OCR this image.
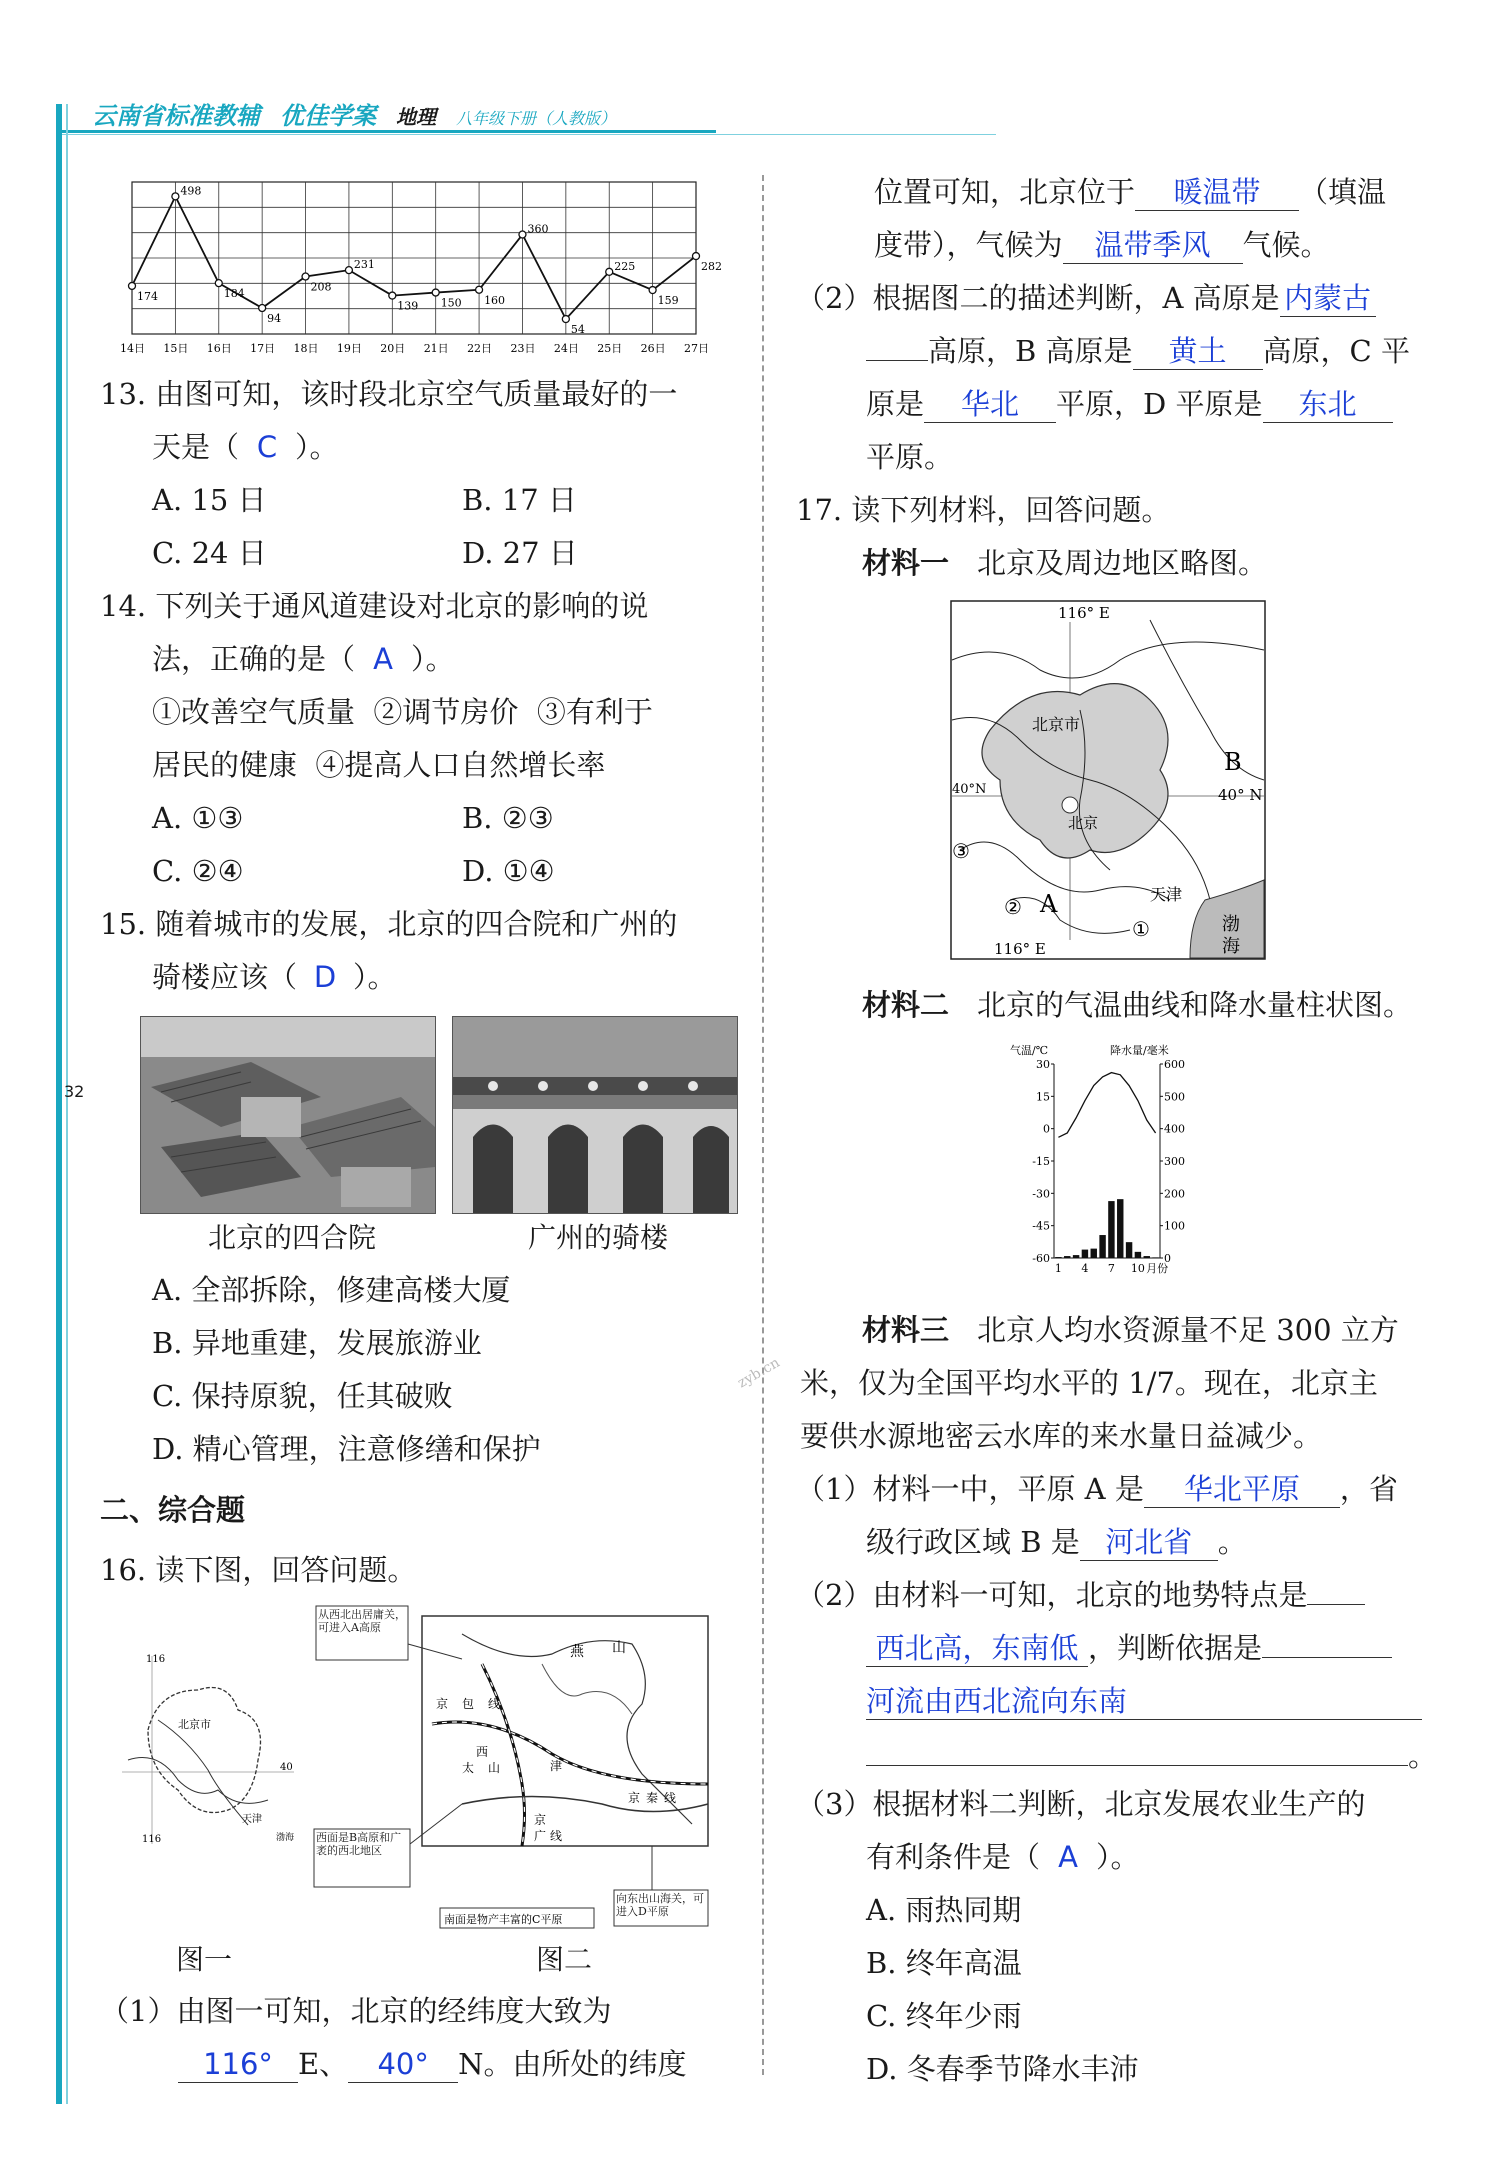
云南省标准教辅 优佳学案 地理 八年级下册（人教版）
32
zyb.cn
174
498
184
94
208
231
139 150 160
360
54
225
159
282
14日 15日 16日 17日 18日 19日 20日 21日 22日 23日 24日 25日 26日 27日
13. 由图可知，该时段北京空气质量最好的一
天是（ C ）。
A. 15 日	B. 17 日
C. 24 日	D. 27 日
14. 下列关于通风道建设对北京的影响的说
法，正确的是（ A ）。
①改善空气质量  ②调节房价  ③有利于
居民的健康  ④提高人口自然增长率
A. ①③	B. ②③
C. ②④	D. ①④
15. 随着城市的发展，北京的四合院和广州的
骑楼应该（ D ）。
北京的四合院	广州的骑楼
A. 全部拆除，修建高楼大厦
B. 异地重建，发展旅游业
C. 保持原貌，任其破败
D. 精心管理，注意修缮和保护
二、综合题
16. 读下图，回答问题。
116
116
40
北京市
天津
渤海
从西北出居庸关，可进入A高原
燕 山
京 包 线
西
山
太
京
广 线
津
京 秦 线
西面是B高原和广袤的西北地区
南面是物产丰富的C平原
向东出山海关，可进入D平原
图一	图二
（1）由图一可知，北京的经纬度大致为
116° E、 40° N。由所处的纬度
位置可知，北京位于 暖温带 （填温
度带），气候为 温带季风 气候。
（2）根据图二的描述判断，A 高原是 内蒙古
高原，B 高原是 黄土 高原，C 平
原是 华北 平原，D 平原是 东北
平原。
17. 读下列材料，回答问题。
材料一 北京及周边地区略图。
116° E
116° E
40°N	40° N
北京市
北京
天津
渤
海
A
B
①
②
③
材料二 北京的气温曲线和降水量柱状图。
气温/℃	降水量/毫米
30
15
0
-15
-30
-45
-60
600
500
400
300
200
100
0
1 4 7 10 月份
材料三 北京人均水资源量不足 300 立方
米，仅为全国平均水平的 1/7。现在，北京主
要供水源地密云水库的来水量日益减少。
（1）材料一中，平原 A 是 华北平原 ，省
级行政区域 B 是 河北省 。
（2）由材料一可知，北京的地势特点是
西北高，东南低 ，判断依据是
河流由西北流向东南
。
（3）根据材料二判断，北京发展农业生产的
有利条件是（ A ）。
A. 雨热同期
B. 终年高温
C. 终年少雨
D. 冬春季节降水丰沛
